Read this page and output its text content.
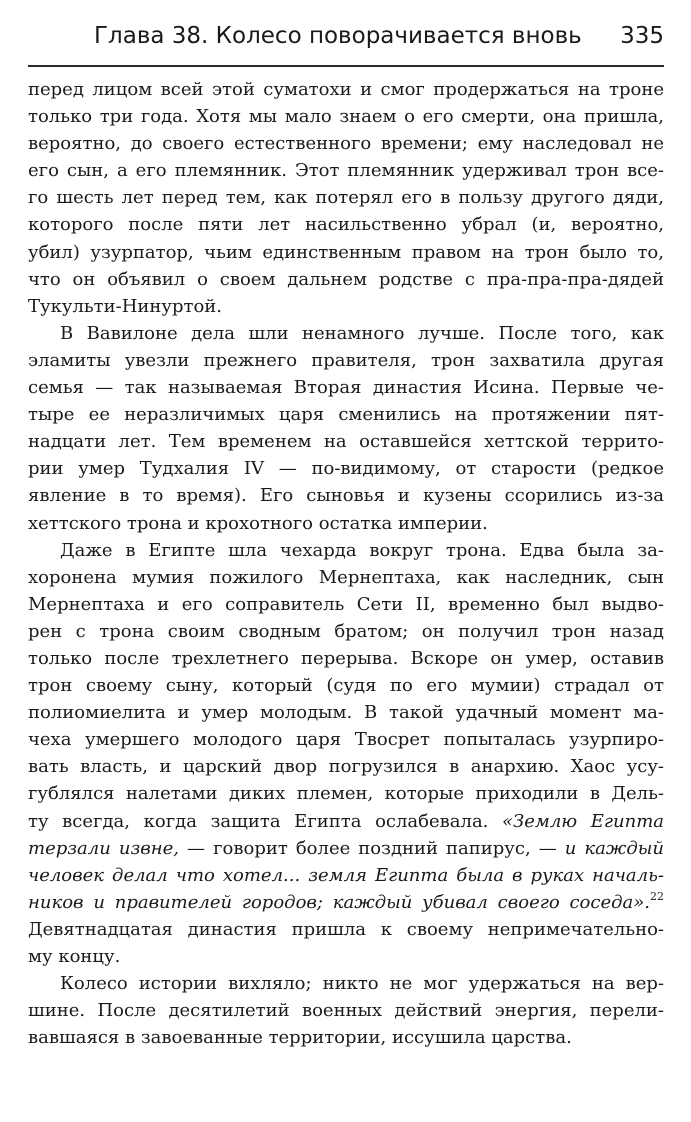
Глава 38. Колесо поворачивается вновь 335
перед лицом всей этой суматохи и смог продержаться на троне
только три года. Хотя мы мало знаем о его смерти, она пришла,
вероятно, до своего естественного времени; ему наследовал не
его сын, а его племянник. Этот племянник удерживал трон все-
го шесть лет перед тем, как потерял его в пользу другого дяди,
которого после пяти лет насильственно убрал (и, вероятно,
убил) узурпатор, чьим единственным правом на трон было то,
что он объявил о своем дальнем родстве с пра-пра-пра-дядей
Тукульти-Нинуртой.
В Вавилоне дела шли ненамного лучше. После того, как
эламиты увезли прежнего правителя, трон захватила другая
семья — так называемая Вторая династия Исина. Первые че-
тыре ее неразличимых царя сменились на протяжении пят-
надцати лет. Тем временем на оставшейся хеттской террито-
рии умер Тудхалия IV — по-видимому, от старости (редкое
явление в то время). Его сыновья и кузены ссорились из-за
хеттского трона и крохотного остатка империи.
Даже в Египте шла чехарда вокруг трона. Едва была за-
хоронена мумия пожилого Мернептаха, как наследник, сын
Мернептаха и его соправитель Сети II, временно был выдво-
рен с трона своим сводным братом; он получил трон назад
только после трехлетнего перерыва. Вскоре он умер, оставив
трон своему сыну, который (судя по его мумии) страдал от
полиомиелита и умер молодым. В такой удачный момент ма-
чеха умершего молодого царя Твосрет попыталась узурпиро-
вать власть, и царский двор погрузился в анархию. Хаос усу-
гублялся налетами диких племен, которые приходили в Дель-
ту всегда, когда защита Египта ослабевала. «Землю Египта
терзали извне, — говорит более поздний папирус, — и каждый
человек делал что хотел... земля Египта была в руках началь-
ников и правителей городов; каждый убивал своего соседа».$^{22}$
Девятнадцатая династия пришла к своему непримечательно-
му концу.
Колесо истории вихляло; никто не мог удержаться на вер-
шине. После десятилетий военных действий энергия, перели-
вавшаяся в завоеванные территории, иссушила царства.
